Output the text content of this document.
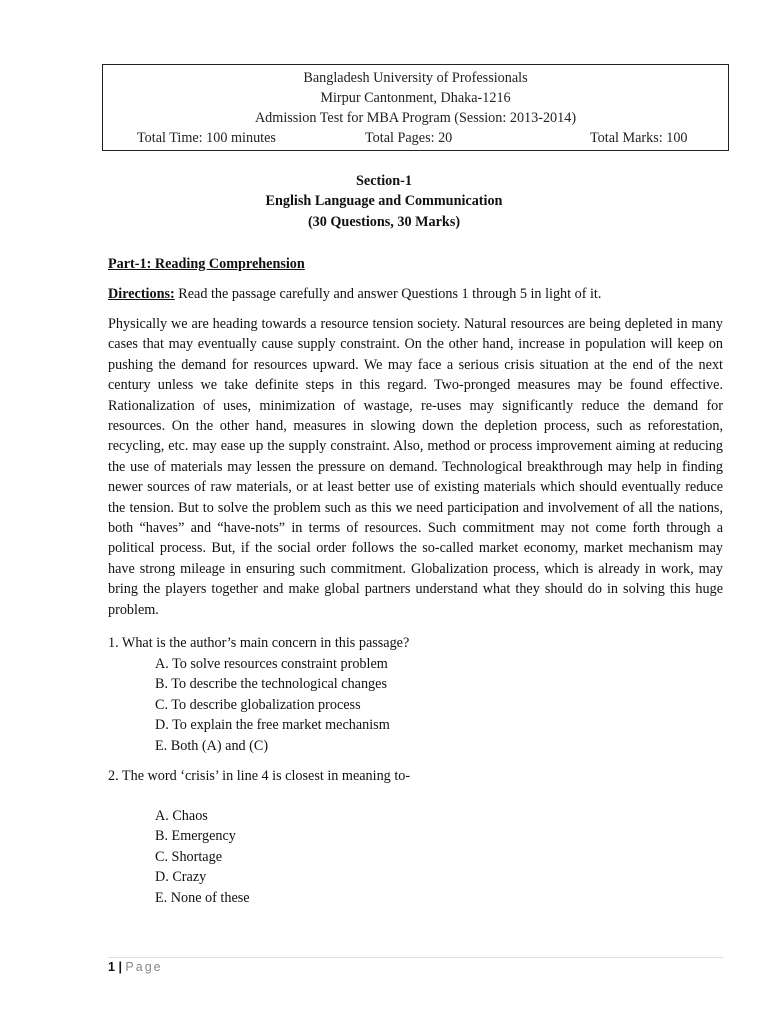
Bangladesh University of Professionals
Mirpur Cantonment, Dhaka-1216
Admission Test for MBA Program (Session: 2013-2014)
Total Time: 100 minutes	Total Pages: 20	Total Marks: 100
Section-1
English Language and Communication
(30 Questions, 30 Marks)
Part-1: Reading Comprehension
Directions: Read the passage carefully and answer Questions 1 through 5 in light of it.

Physically we are heading towards a resource tension society. Natural resources are being depleted in many cases that may eventually cause supply constraint. On the other hand, increase in population will keep on pushing the demand for resources upward. We may face a serious crisis situation at the end of the next century unless we take definite steps in this regard. Two-pronged measures may be found effective. Rationalization of uses, minimization of wastage, re-uses may significantly reduce the demand for resources. On the other hand, measures in slowing down the depletion process, such as reforestation, recycling, etc. may ease up the supply constraint. Also, method or process improvement aiming at reducing the use of materials may lessen the pressure on demand. Technological breakthrough may help in finding newer sources of raw materials, or at least better use of existing materials which should eventually reduce the tension. But to solve the problem such as this we need participation and involvement of all the nations, both “haves” and “have-nots” in terms of resources. Such commitment may not come forth through a political process. But, if the social order follows the so-called market economy, market mechanism may have strong mileage in ensuring such commitment. Globalization process, which is already in work, may bring the players together and make global partners understand what they should do in solving this huge problem.

1. What is the author’s main concern in this passage?
A. To solve resources constraint problem
B. To describe the technological changes
C. To describe globalization process
D. To explain the free market mechanism
E. Both (A) and (C)
2. The word ‘crisis’ in line 4 is closest in meaning to-
A. Chaos
B. Emergency
C. Shortage
D. Crazy
E. None of these
1 | Page
